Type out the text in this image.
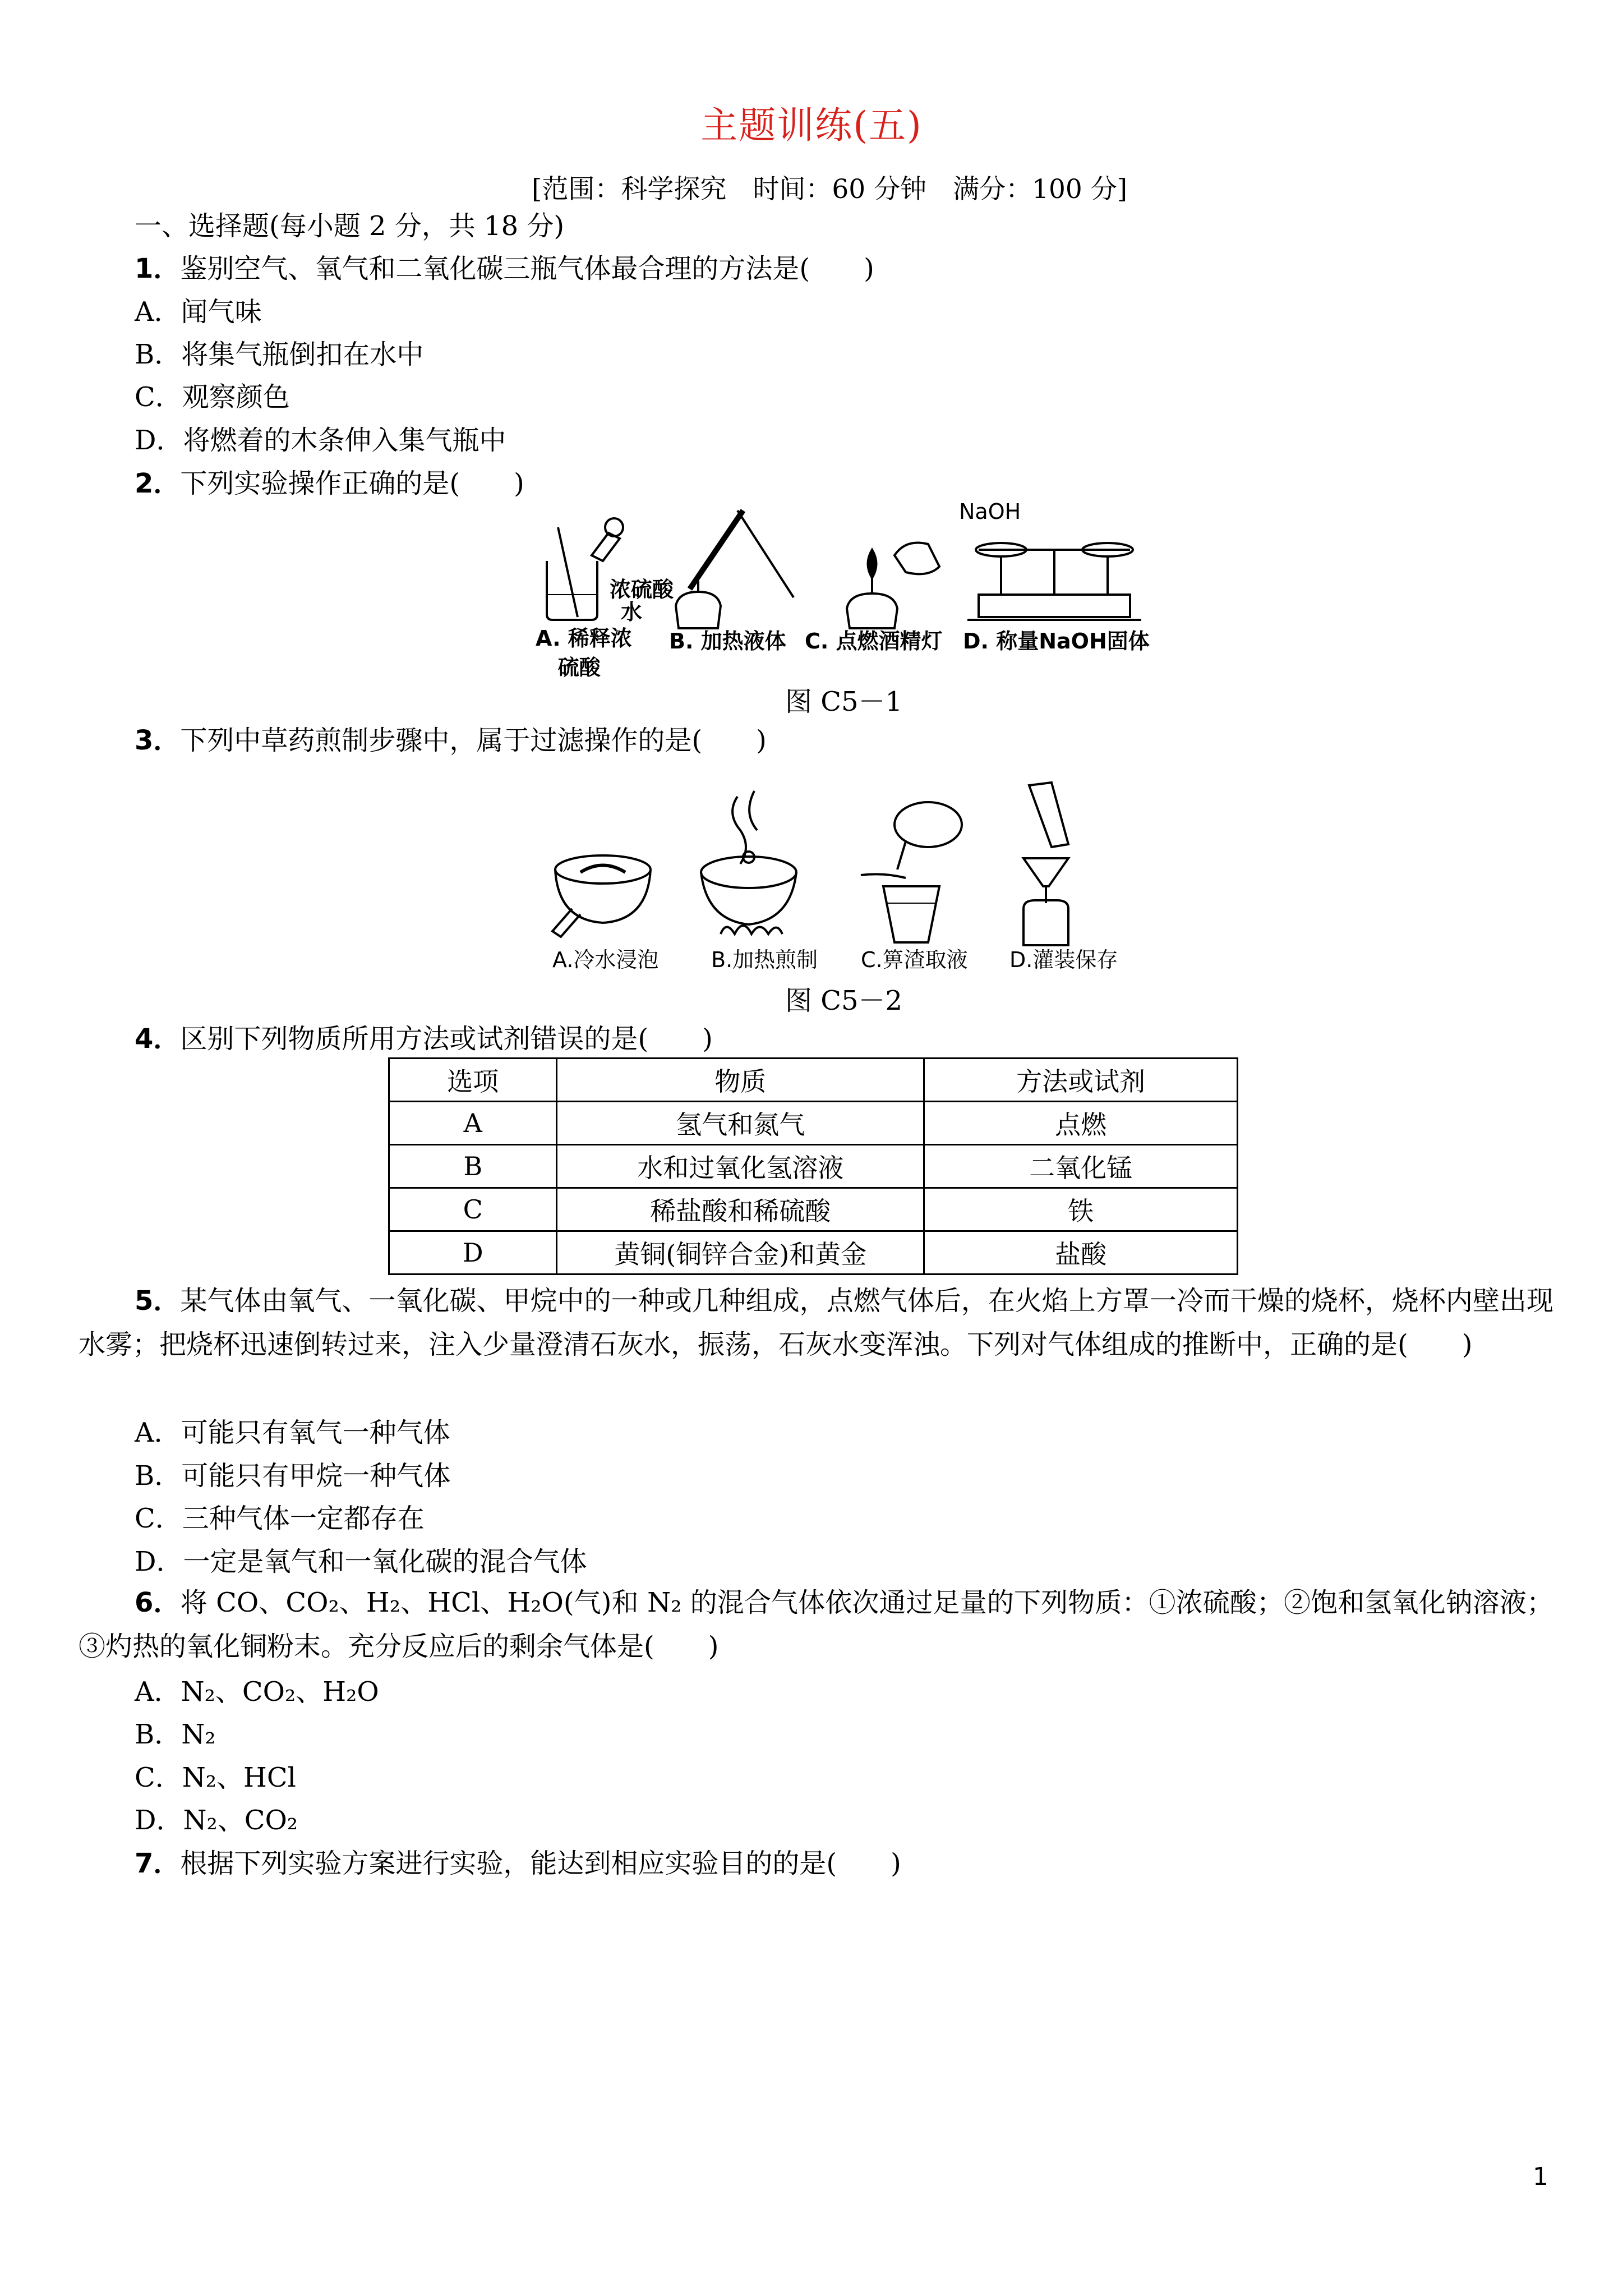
主题训练(五)
[范围：科学探究　时间：60 分钟　满分：100 分]
一、选择题(每小题 2 分，共 18 分)
1．鉴别空气、氧气和二氧化碳三瓶气体最合理的方法是(　　)
A．闻气味
B．将集气瓶倒扣在水中
C．观察颜色
D．将燃着的木条伸入集气瓶中
2．下列实验操作正确的是(　　)
NaOH
浓硫酸
水
A. 稀释浓
硫酸
B. 加热液体 C. 点燃酒精灯 D. 称量NaOH固体
图 C5－1
3．下列中草药煎制步骤中，属于过滤操作的是(　　)
A.冷水浸泡 B.加热煎制 C.箅渣取液 D.灌装保存
图 C5－2
4．区别下列物质所用方法或试剂错误的是(　　)
选项	物质	方法或试剂
A	氢气和氮气	点燃
B	水和过氧化氢溶液	二氧化锰
C	稀盐酸和稀硫酸	铁
D	黄铜(铜锌合金)和黄金	盐酸
5．某气体由氧气、一氧化碳、甲烷中的一种或几种组成，点燃气体后，在火焰上方罩一冷而干燥的烧杯，烧杯内壁出现水雾；把烧杯迅速倒转过来，注入少量澄清石灰水，振荡，石灰水变浑浊。下列对气体组成的推断中，正确的是(　　)
A．可能只有氧气一种气体
B．可能只有甲烷一种气体
C．三种气体一定都存在
D．一定是氧气和一氧化碳的混合气体
6．将 CO、CO₂、H₂、HCl、H₂O(气)和 N₂ 的混合气体依次通过足量的下列物质：①浓硫酸；②饱和氢氧化钠溶液；③灼热的氧化铜粉末。充分反应后的剩余气体是(　　)
A．N₂、CO₂、H₂O
B．N₂
C．N₂、HCl
D．N₂、CO₂
7．根据下列实验方案进行实验，能达到相应实验目的的是(　　)
1
